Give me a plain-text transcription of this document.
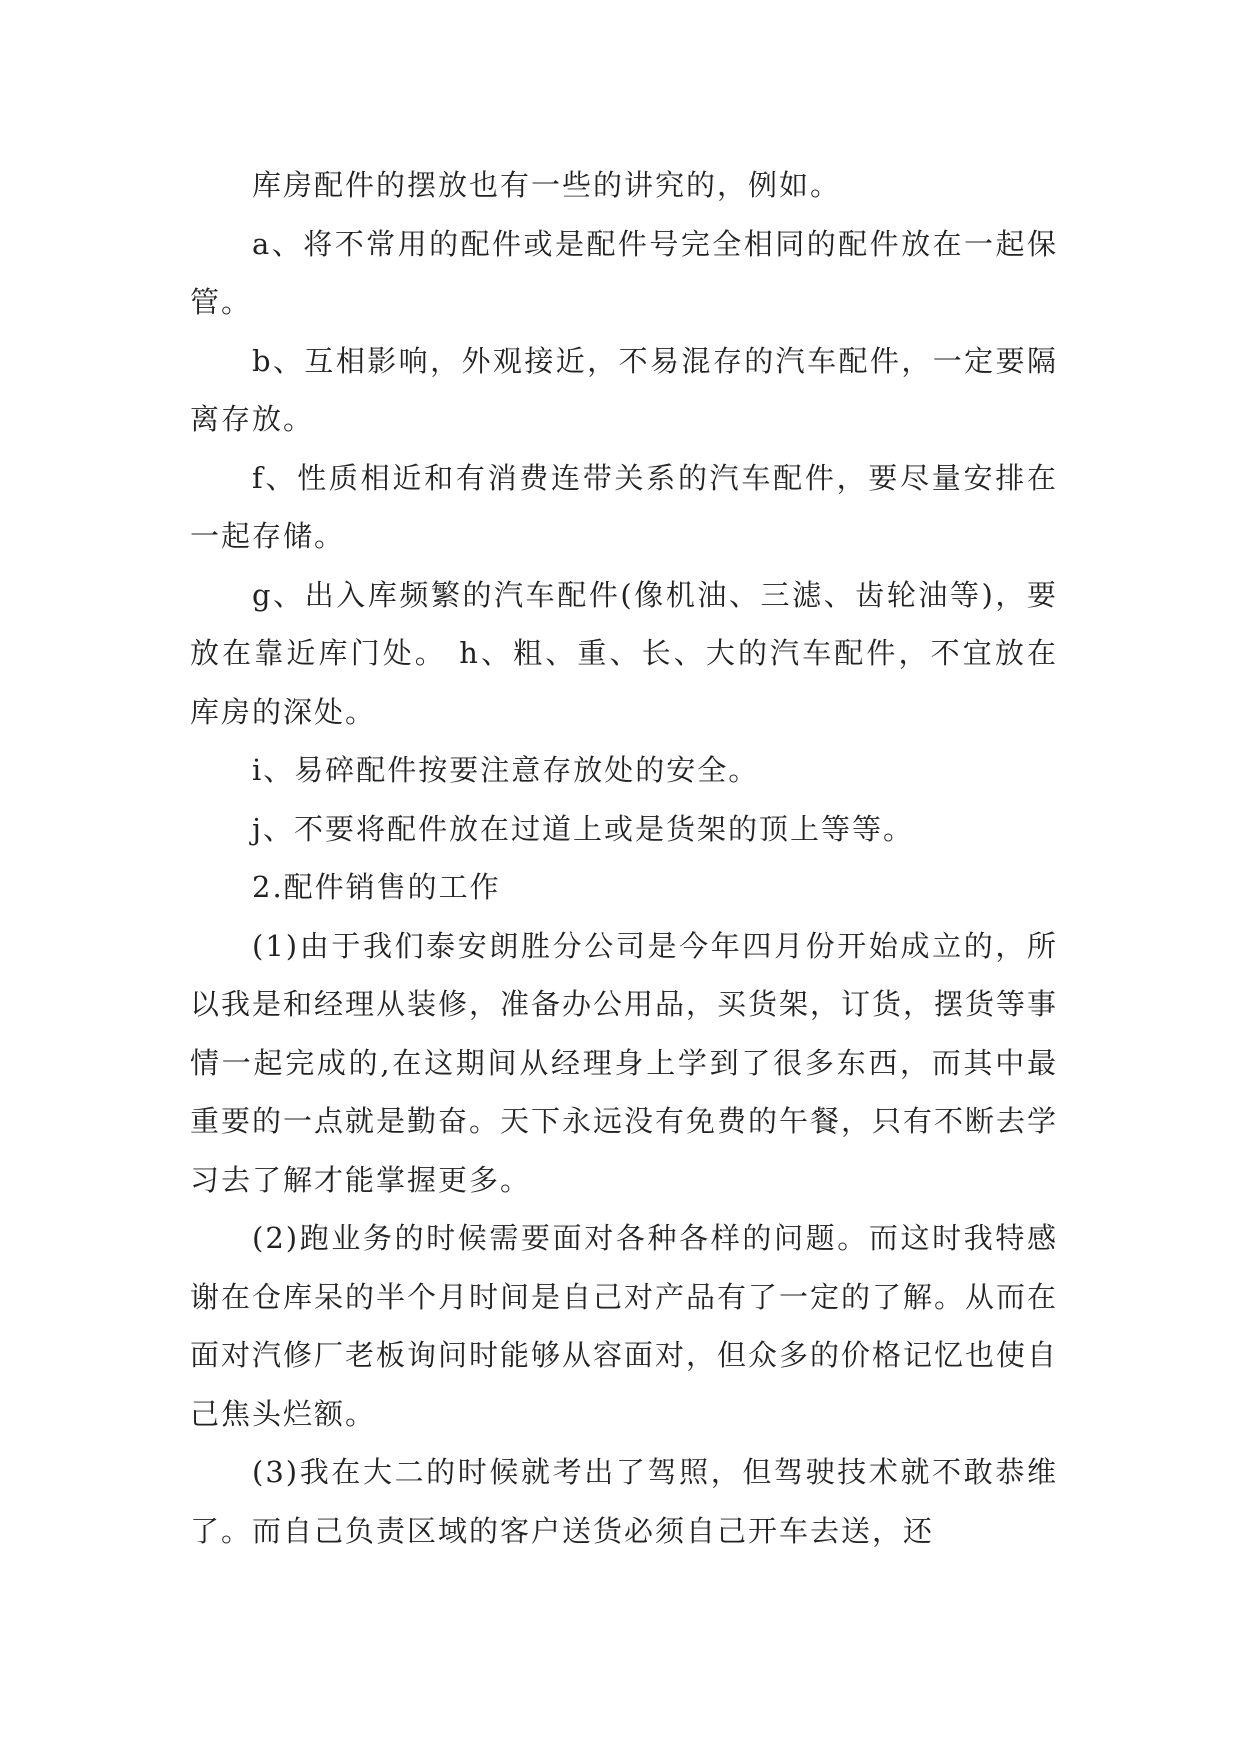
库房配件的摆放也有一些的讲究的，例如。

a、将不常用的配件或是配件号完全相同的配件放在一起保管。

b、互相影响，外观接近，不易混存的汽车配件，一定要隔离存放。

f、性质相近和有消费连带关系的汽车配件，要尽量安排在一起存储。

g、出入库频繁的汽车配件(像机油、三滤、齿轮油等)，要放在靠近库门处。 h、粗、重、长、大的汽车配件，不宜放在库房的深处。

i、易碎配件按要注意存放处的安全。

j、不要将配件放在过道上或是货架的顶上等等。

2.配件销售的工作

(1)由于我们泰安朗胜分公司是今年四月份开始成立的，所以我是和经理从装修，准备办公用品，买货架，订货，摆货等事情一起完成的,在这期间从经理身上学到了很多东西，而其中最重要的一点就是勤奋。天下永远没有免费的午餐，只有不断去学习去了解才能掌握更多。

(2)跑业务的时候需要面对各种各样的问题。而这时我特感谢在仓库呆的半个月时间是自己对产品有了一定的了解。从而在面对汽修厂老板询问时能够从容面对，但众多的价格记忆也使自己焦头烂额。

(3)我在大二的时候就考出了驾照，但驾驶技术就不敢恭维了。而自己负责区域的客户送货必须自己开车去送，还
